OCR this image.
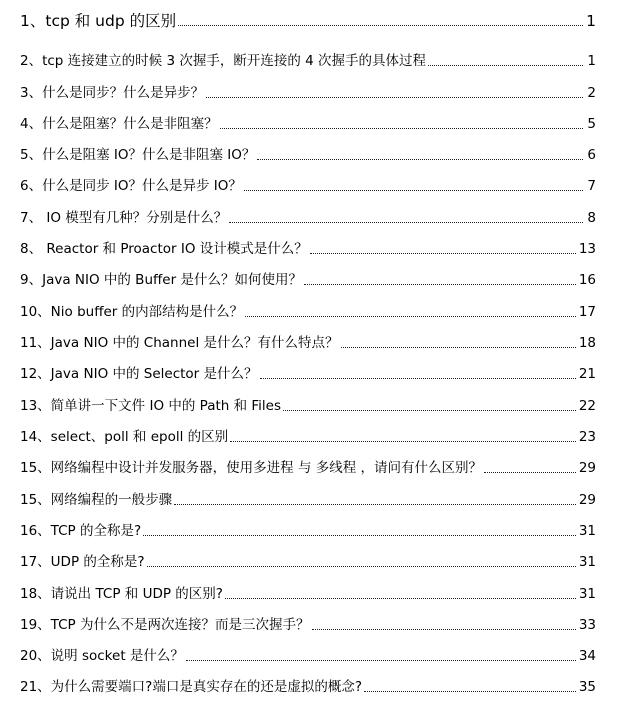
1、tcp 和 udp 的区别	1
2、tcp 连接建立的时候 3 次握手，断开连接的 4 次握手的具体过程	1
3、什么是同步？什么是异步？	2
4、什么是阻塞？什么是非阻塞？	5
5、什么是阻塞 IO？什么是非阻塞 IO？	6
6、什么是同步 IO？什么是异步 IO？	7
7、 IO 模型有几种？分别是什么？	8
8、 Reactor 和 Proactor IO 设计模式是什么？	13
9、Java NIO 中的 Buffer 是什么？如何使用？	16
10、Nio buffer 的内部结构是什么？	17
11、Java NIO 中的 Channel 是什么？有什么特点？	18
12、Java NIO 中的 Selector 是什么？	21
13、简单讲一下文件 IO 中的 Path 和 Files	22
14、select、poll 和 epoll 的区别	23
15、网络编程中设计并发服务器，使用多进程 与 多线程 ，请问有什么区别？	29
15、网络编程的一般步骤	29
16、TCP 的全称是?	31
17、UDP 的全称是?	31
18、请说出 TCP 和 UDP 的区别?	31
19、TCP 为什么不是两次连接？而是三次握手？	33
20、说明 socket 是什么？	34
21、为什么需要端口?端口是真实存在的还是虚拟的概念?	35
